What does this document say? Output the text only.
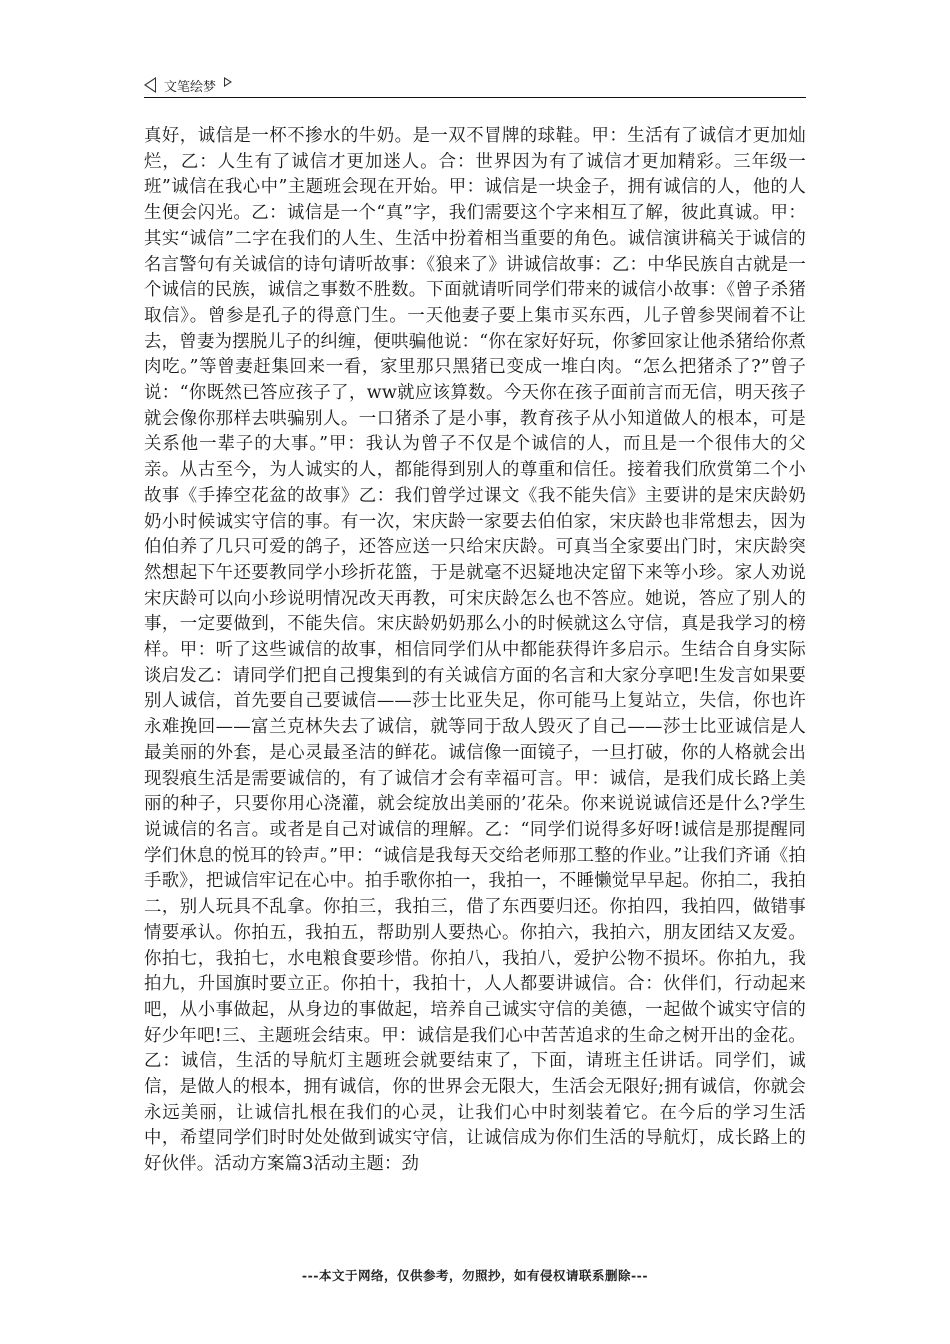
文笔绘梦

真好，诚信是一杯不掺水的牛奶。是一双不冒牌的球鞋。甲：生活有了诚信才更加灿烂，乙：人生有了诚信才更加迷人。合：世界因为有了诚信才更加精彩。三年级一班”诚信在我心中”主题班会现在开始。甲：诚信是一块金子，拥有诚信的人，他的人生便会闪光。乙：诚信是一个“真”字，我们需要这个字来相互了解，彼此真诚。甲：其实“诚信”二字在我们的人生、生活中扮着相当重要的角色。诚信演讲稿关于诚信的名言警句有关诚信的诗句请听故事：《狼来了》讲诚信故事：乙：中华民族自古就是一个诚信的民族，诚信之事数不胜数。下面就请听同学们带来的诚信小故事：《曾子杀猪取信》。曾参是孔子的得意门生。一天他妻子要上集市买东西，儿子曾参哭闹着不让去，曾妻为摆脱儿子的纠缠，便哄骗他说：“你在家好好玩，你爹回家让他杀猪给你煮肉吃。”等曾妻赶集回来一看，家里那只黑猪已变成一堆白肉。“怎么把猪杀了?”曾子说：“你既然已答应孩子了，ww就应该算数。今天你在孩子面前言而无信，明天孩子就会像你那样去哄骗别人。一口猪杀了是小事，教育孩子从小知道做人的根本，可是关系他一辈子的大事。”甲：我认为曾子不仅是个诚信的人，而且是一个很伟大的父亲。从古至今，为人诚实的人，都能得到别人的尊重和信任。接着我们欣赏第二个小故事《手捧空花盆的故事》乙：我们曾学过课文《我不能失信》主要讲的是宋庆龄奶奶小时候诚实守信的事。有一次，宋庆龄一家要去伯伯家，宋庆龄也非常想去，因为伯伯养了几只可爱的鸽子，还答应送一只给宋庆龄。可真当全家要出门时，宋庆龄突然想起下午还要教同学小珍折花篮，于是就毫不迟疑地决定留下来等小珍。家人劝说宋庆龄可以向小珍说明情况改天再教，可宋庆龄怎么也不答应。她说，答应了别人的事，一定要做到，不能失信。宋庆龄奶奶那么小的时候就这么守信，真是我学习的榜样。甲：听了这些诚信的故事，相信同学们从中都能获得许多启示。生结合自身实际谈启发乙：请同学们把自己搜集到的有关诚信方面的名言和大家分享吧!生发言如果要别人诚信，首先要自己要诚信——莎士比亚失足，你可能马上复站立，失信，你也许永难挽回——富兰克林失去了诚信，就等同于敌人毁灭了自己——莎士比亚诚信是人最美丽的外套，是心灵最圣洁的鲜花。诚信像一面镜子，一旦打破，你的人格就会出现裂痕生活是需要诚信的，有了诚信才会有幸福可言。甲：诚信，是我们成长路上美丽的种子，只要你用心浇灌，就会绽放出美丽的’花朵。你来说说诚信还是什么?学生说诚信的名言。或者是自己对诚信的理解。乙：“同学们说得多好呀!诚信是那提醒同学们休息的悦耳的铃声。”甲：“诚信是我每天交给老师那工整的作业。”让我们齐诵《拍手歌》，把诚信牢记在心中。拍手歌你拍一，我拍一，不睡懒觉早早起。你拍二，我拍二，别人玩具不乱拿。你拍三，我拍三，借了东西要归还。你拍四，我拍四，做错事情要承认。你拍五，我拍五，帮助别人要热心。你拍六，我拍六，朋友团结又友爱。你拍七，我拍七，水电粮食要珍惜。你拍八，我拍八，爱护公物不损坏。你拍九，我拍九，升国旗时要立正。你拍十，我拍十，人人都要讲诚信。合：伙伴们，行动起来吧，从小事做起，从身边的事做起，培养自己诚实守信的美德，一起做个诚实守信的好少年吧!三、主题班会结束。甲：诚信是我们心中苦苦追求的生命之树开出的金花。乙：诚信，生活的导航灯主题班会就要结束了，下面，请班主任讲话。同学们，诚信，是做人的根本，拥有诚信，你的世界会无限大，生活会无限好;拥有诚信，你就会永远美丽，让诚信扎根在我们的心灵，让我们心中时刻装着它。在今后的学习生活中，希望同学们时时处处做到诚实守信，让诚信成为你们生活的导航灯，成长路上的好伙伴。活动方案篇3活动主题：劲

---本文于网络，仅供参考，勿照抄，如有侵权请联系删除---
